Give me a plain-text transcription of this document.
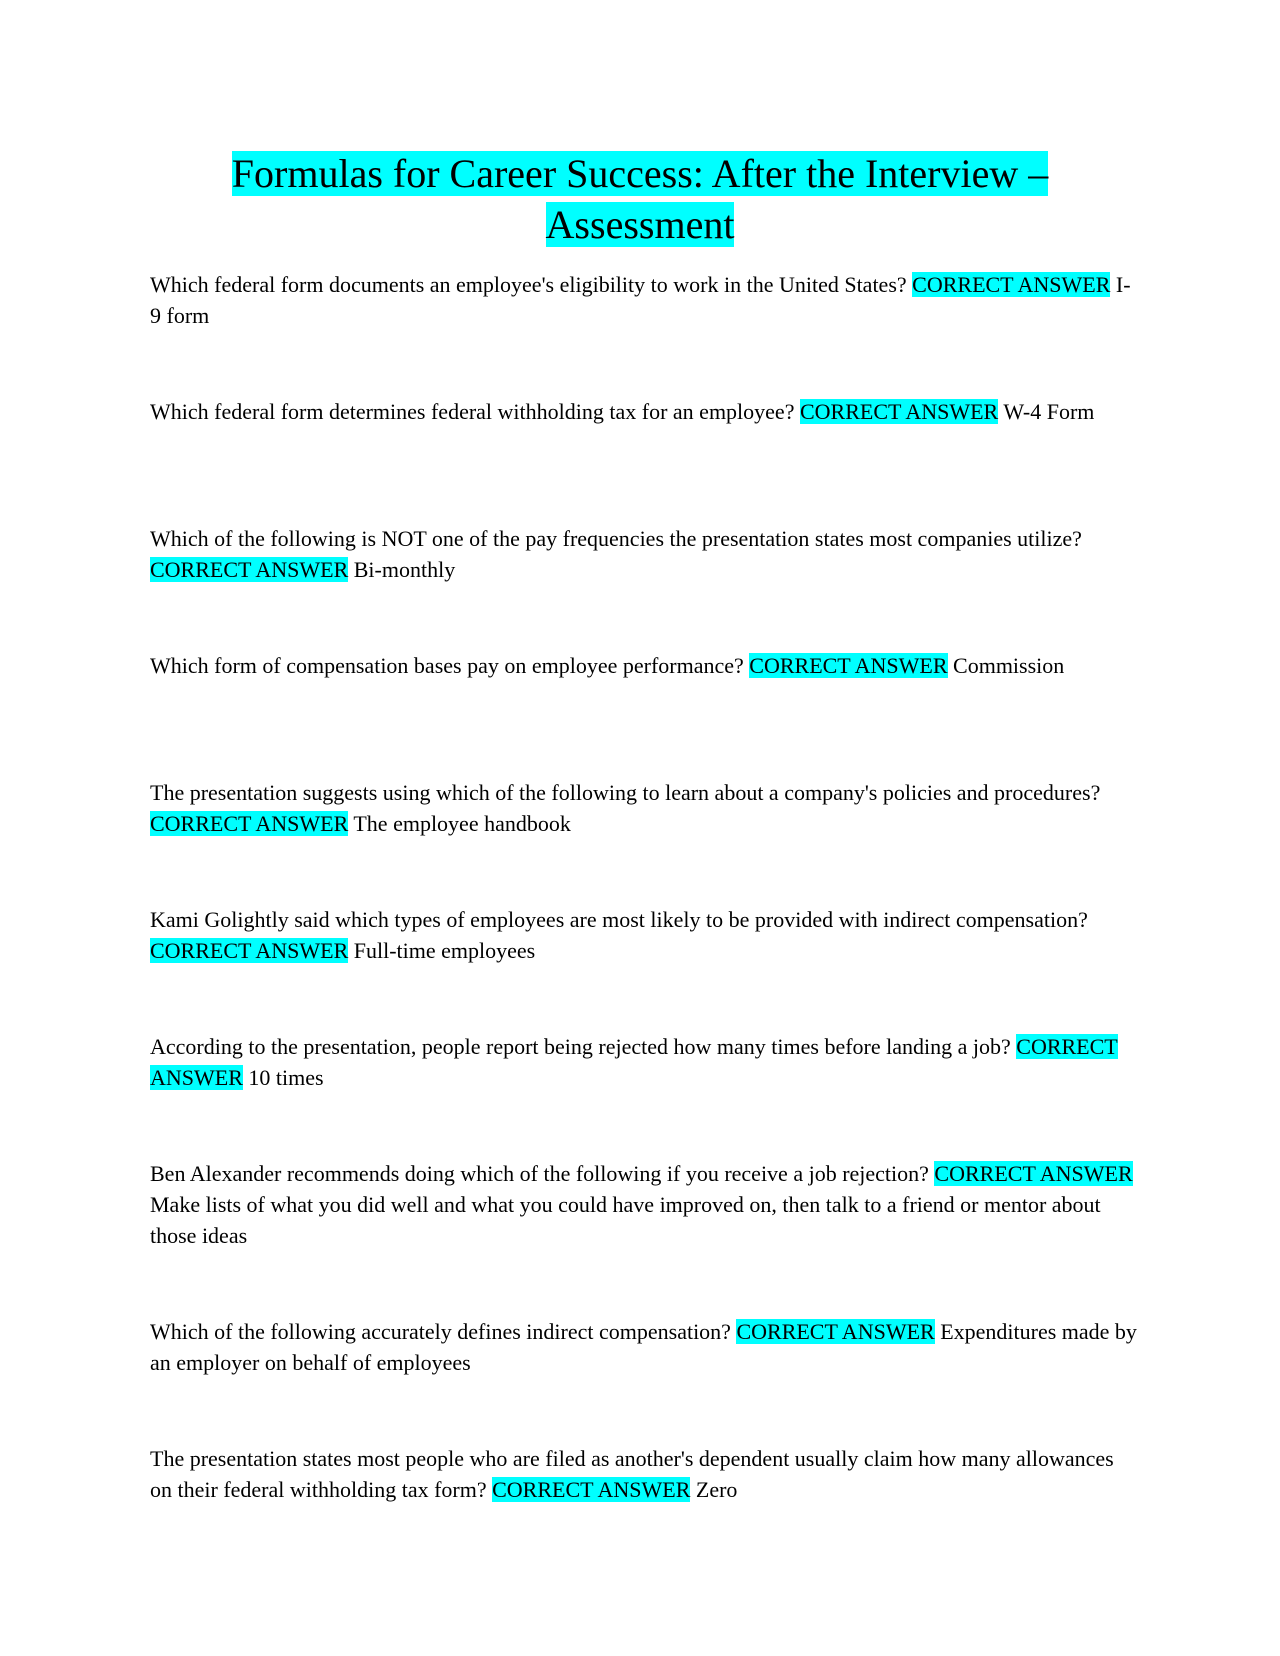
Formulas for Career Success: After the Interview – Assessment

Which federal form documents an employee's eligibility to work in the United States? CORRECT ANSWER I-9 form

Which federal form determines federal withholding tax for an employee? CORRECT ANSWER W-4 Form

Which of the following is NOT one of the pay frequencies the presentation states most companies utilize? CORRECT ANSWER Bi-monthly

Which form of compensation bases pay on employee performance? CORRECT ANSWER Commission

The presentation suggests using which of the following to learn about a company's policies and procedures? CORRECT ANSWER The employee handbook

Kami Golightly said which types of employees are most likely to be provided with indirect compensation? CORRECT ANSWER Full-time employees

According to the presentation, people report being rejected how many times before landing a job? CORRECT ANSWER 10 times

Ben Alexander recommends doing which of the following if you receive a job rejection? CORRECT ANSWER Make lists of what you did well and what you could have improved on, then talk to a friend or mentor about those ideas

Which of the following accurately defines indirect compensation? CORRECT ANSWER Expenditures made by an employer on behalf of employees

The presentation states most people who are filed as another's dependent usually claim how many allowances on their federal withholding tax form? CORRECT ANSWER Zero
